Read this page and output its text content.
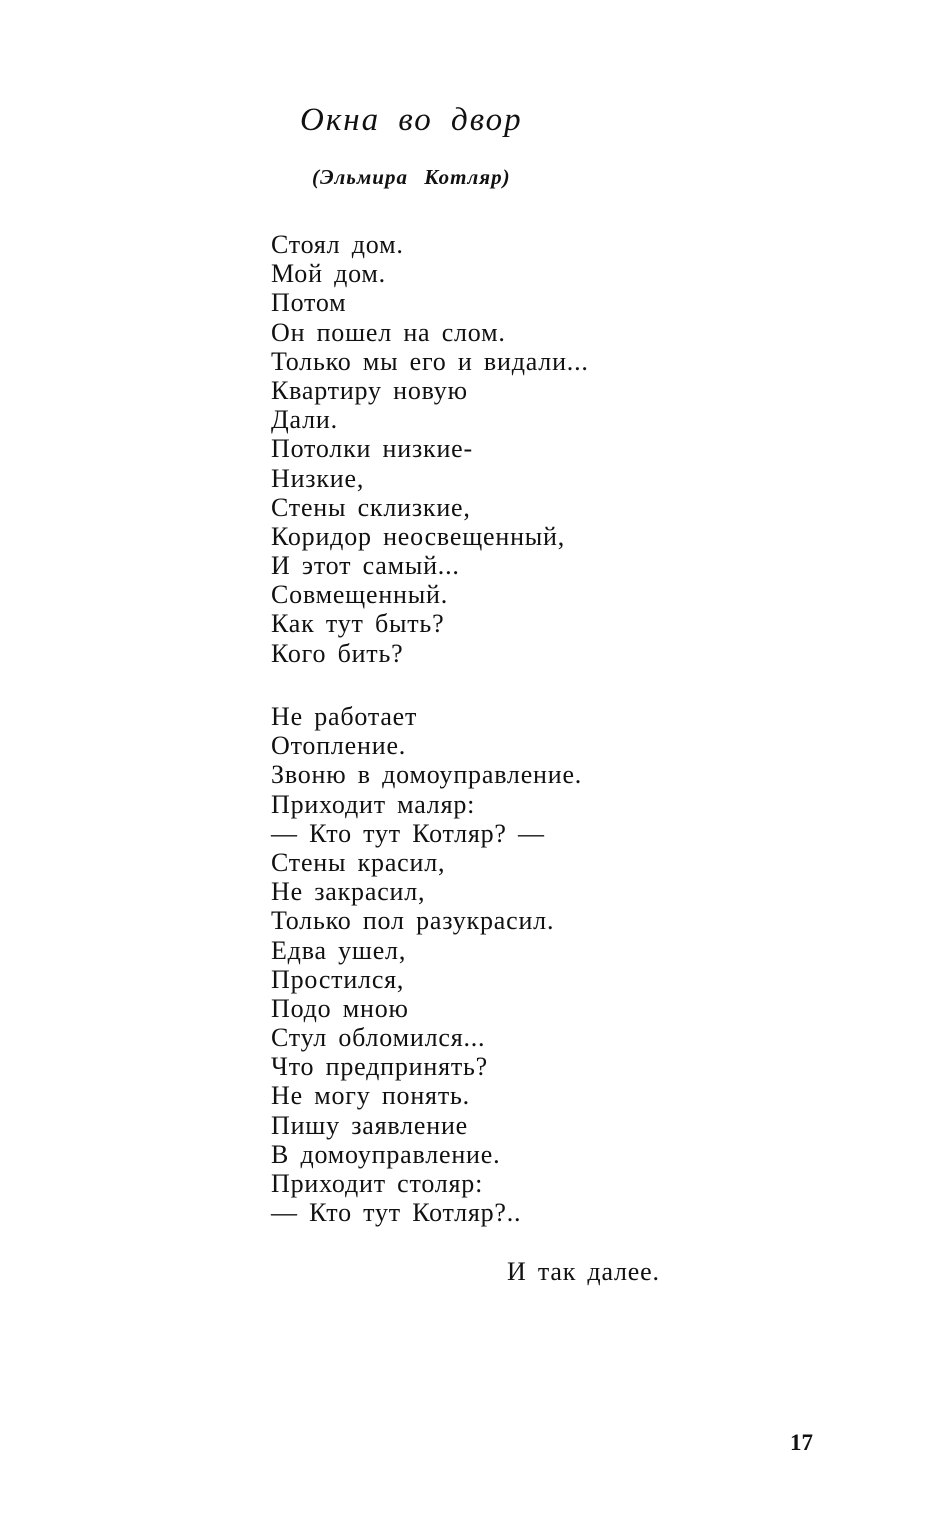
Окна во двор
(Эльмира Котляр)
Стоял дом.
Мой дом.
Потом
Он пошел на слом.
Только мы его и видали...
Квартиру новую
Дали.
Потолки низкие-
Низкие,
Стены склизкие,
Коридор неосвещенный,
И этот самый...
Совмещенный.
Как тут быть?
Кого бить?
Не работает
Отопление.
Звоню в домоуправление.
Приходит маляр:
— Кто тут Котляр? —
Стены красил,
Не закрасил,
Только пол разукрасил.
Едва ушел,
Простился,
Подо мною
Стул обломился...
Что предпринять?
Не могу понять.
Пишу заявление
В домоуправление.
Приходит столяр:
— Кто тут Котляр?..
И так далее.
17
